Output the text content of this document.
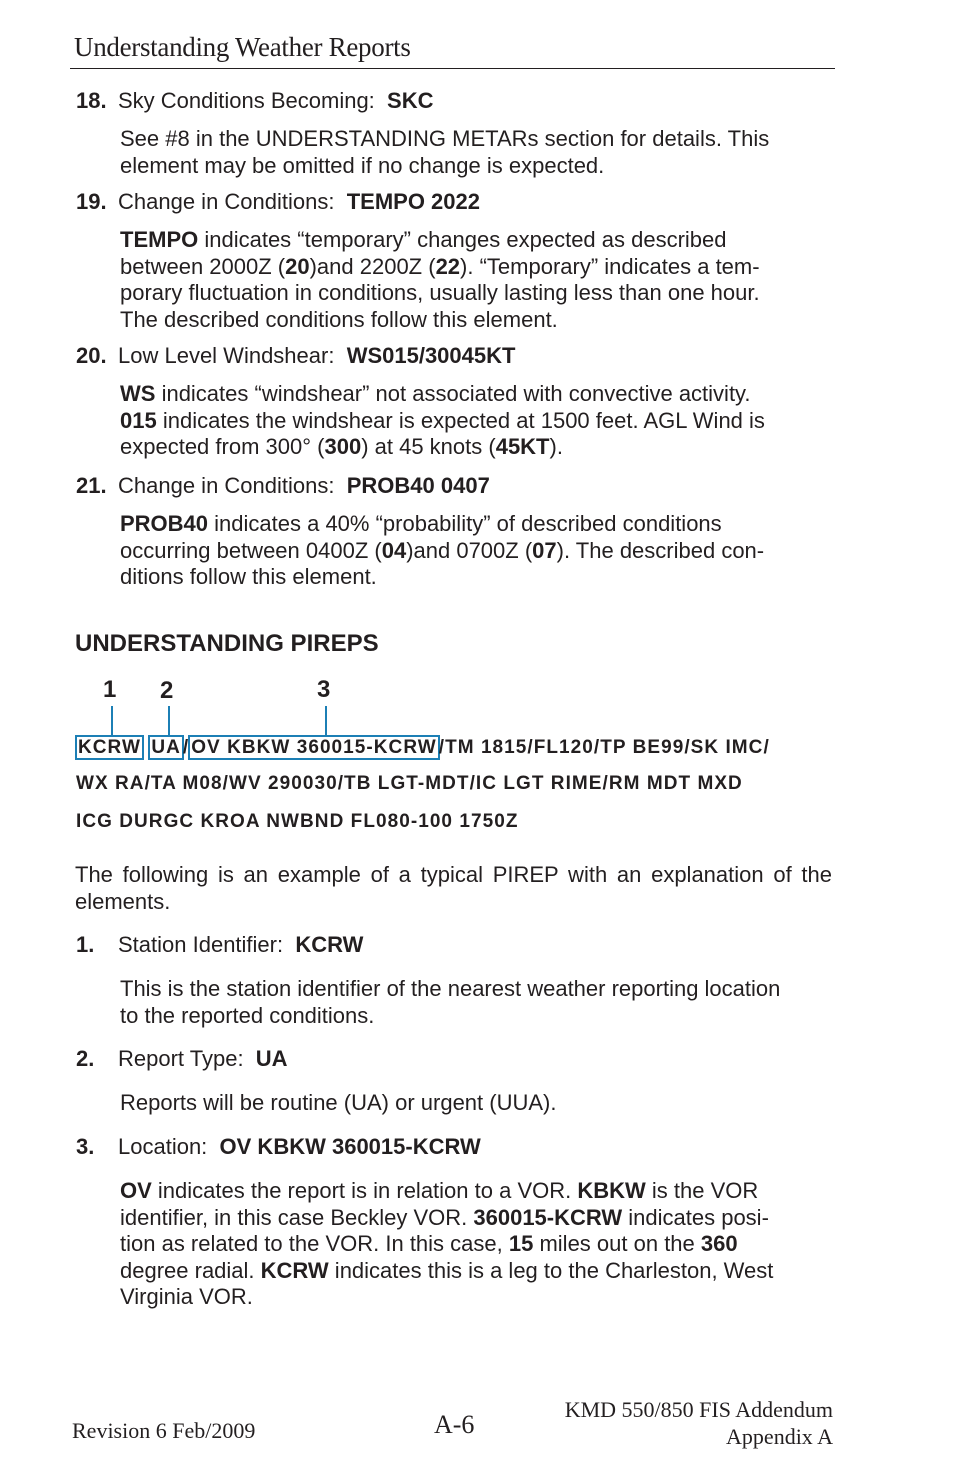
Understanding Weather Reports
18. Sky Conditions Becoming: SKC
See #8 in the UNDERSTANDING METARs section for details. This
element may be omitted if no change is expected.
19. Change in Conditions: TEMPO 2022
TEMPO indicates “temporary” changes expected as described
between 2000Z (20)and 2200Z (22). “Temporary” indicates a tem-
porary fluctuation in conditions, usually lasting less than one hour.
The described conditions follow this element.
20. Low Level Windshear: WS015/30045KT
WS indicates “windshear” not associated with convective activity.
015 indicates the windshear is expected at 1500 feet. AGL Wind is
expected from 300° (300) at 45 knots (45KT).
21. Change in Conditions: PROB40 0407
PROB40 indicates a 40% “probability” of described conditions
occurring between 0400Z (04)and 0700Z (07). The described con-
ditions follow this element.
UNDERSTANDING PIREPS
1 2	3
KCRW UA / OV KBKW 360015-KCRW /TM 1815/FL120/TP BE99/SK IMC/
WX RA/TA M08/WV 290030/TB LGT-MDT/IC LGT RIME/RM MDT MXD
ICG DURGC KROA NWBND FL080-100 1750Z
The following is an example of a typical PIREP with an explanation of the elements.
1. Station Identifier: KCRW
This is the station identifier of the nearest weather reporting location
to the reported conditions.
2. Report Type: UA
Reports will be routine (UA) or urgent (UUA).
3. Location: OV KBKW 360015-KCRW
OV indicates the report is in relation to a VOR. KBKW is the VOR
identifier, in this case Beckley VOR. 360015-KCRW indicates posi-
tion as related to the VOR. In this case, 15 miles out on the 360
degree radial. KCRW indicates this is a leg to the Charleston, West
Virginia VOR.
Revision 6 Feb/2009	A-6
KMD 550/850 FIS Addendum
Appendix A
